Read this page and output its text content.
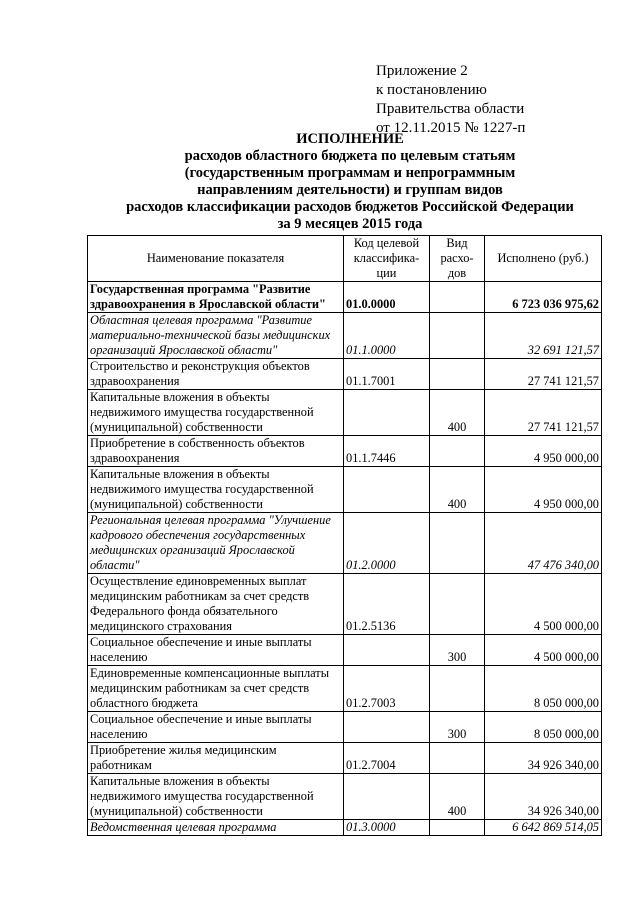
Приложение 2
к постановлению
Правительства области
от 12.11.2015 № 1227-п
ИСПОЛНЕНИЕ
расходов областного бюджета по целевым статьям
(государственным программам и непрограммным
направлениям деятельности) и группам видов
расходов классификации расходов бюджетов Российской Федерации
за 9 месяцев 2015 года
Наименование показателя	Код целевой классифика-ции	Вид расхо-дов	Исполнено (руб.)
Государственная программа "Развитие здравоохранения в Ярославской области"	01.0.0000		6 723 036 975,62
Областная целевая программа "Развитие материально-технической базы медицинских организаций Ярославской области"	01.1.0000		32 691 121,57
Строительство и реконструкция объектов здравоохранения	01.1.7001		27 741 121,57
Капитальные вложения в объекты недвижимого имущества государственной (муниципальной) собственности		400	27 741 121,57
Приобретение в собственность объектов здравоохранения	01.1.7446		4 950 000,00
Капитальные вложения в объекты недвижимого имущества государственной (муниципальной) собственности		400	4 950 000,00
Региональная целевая программа "Улучшение кадрового обеспечения государственных медицинских организаций Ярославской области"	01.2.0000		47 476 340,00
Осуществление единовременных выплат медицинским работникам за счет средств Федерального фонда обязательного медицинского страхования	01.2.5136		4 500 000,00
Социальное обеспечение и иные выплаты населению		300	4 500 000,00
Единовременные компенсационные выплаты медицинским работникам за счет средств областного бюджета	01.2.7003		8 050 000,00
Социальное обеспечение и иные выплаты населению		300	8 050 000,00
Приобретение жилья медицинским работникам	01.2.7004		34 926 340,00
Капитальные вложения в объекты недвижимого имущества государственной (муниципальной) собственности		400	34 926 340,00
Ведомственная целевая программа	01.3.0000		6 642 869 514,05
